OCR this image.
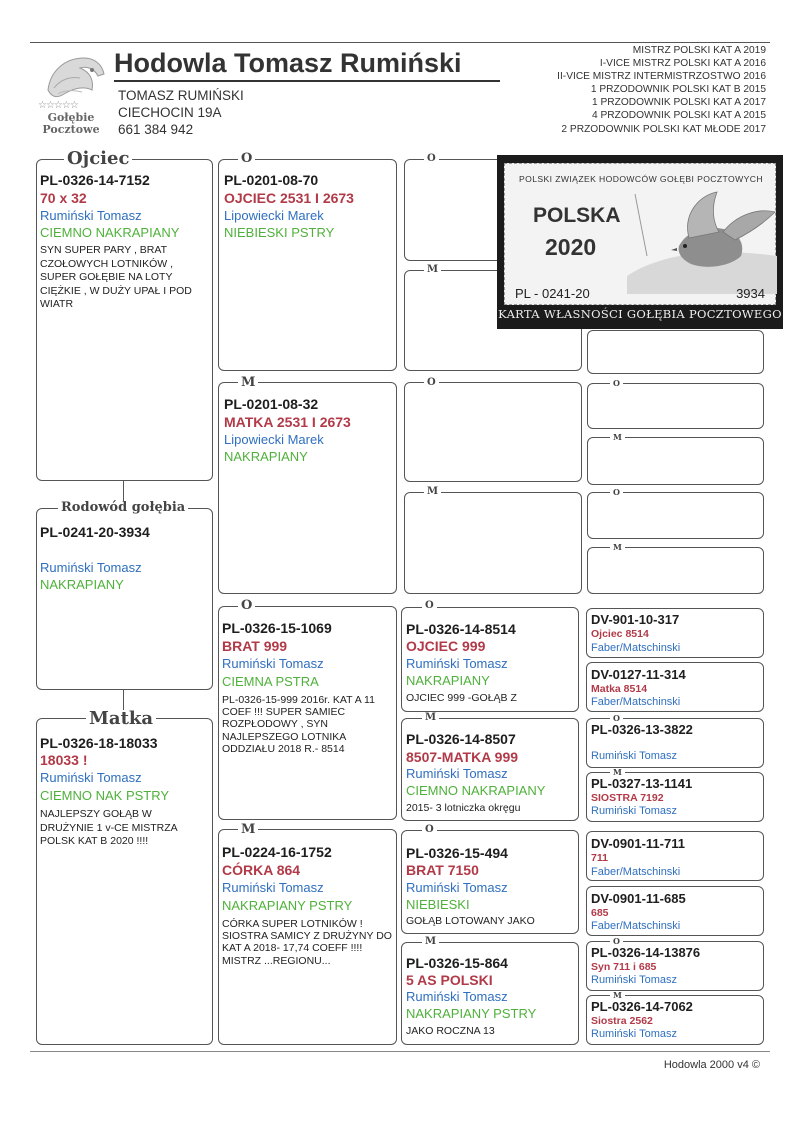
☆☆☆☆☆
Gołębie Pocztowe
Hodowla Tomasz Rumiński
TOMASZ RUMIŃSKI
CIECHOCIN 19A
661 384 942
MISTRZ POLSKI KAT A 2019
I-VICE MISTRZ POLSKI KAT A 2016
II-VICE MISTRZ INTERMISTRZOSTWO 2016
1 PRZODOWNIK POLSKI KAT B 2015
1 PRZODOWNIK POLSKI KAT A 2017
4 PRZODOWNIK POLSKI KAT A 2015
2 PRZODOWNIK POLSKI KAT MŁODE 2017
Ojciec
PL-0326-14-7152
70 x 32
Rumiński Tomasz
CIEMNO NAKRAPIANY
SYN SUPER PARY , BRAT CZOŁOWYCH LOTNIKÓW , SUPER GOŁĘBIE NA LOTY CIĘŻKIE , W DUŻY UPAŁ I POD WIATR
Rodowód gołębia
PL-0241-20-3934
Rumiński Tomasz
NAKRAPIANY
Matka
PL-0326-18-18033
18033 !
Rumiński Tomasz
CIEMNO NAK PSTRY
NAJLEPSZY GOŁĄB W DRUŻYNIE 1 v-CE MISTRZA POLSK KAT B 2020 !!!!
O
PL-0201-08-70
OJCIEC 2531 I 2673
Lipowiecki Marek
NIEBIESKI PSTRY
M
PL-0201-08-32
MATKA 2531 I 2673
Lipowiecki Marek
NAKRAPIANY
O
PL-0326-15-1069
BRAT 999
Rumiński Tomasz
CIEMNA PSTRA
PL-0326-15-999 2016r. KAT A 11 COEF !!! SUPER SAMIEC ROZPŁODOWY , SYN NAJLEPSZEGO LOTNIKA ODDZIAŁU 2018 R.- 8514
M
PL-0224-16-1752
CÓRKA 864
Rumiński Tomasz
NAKRAPIANY PSTRY
CÓRKA SUPER LOTNIKÓW ! SIOSTRA SAMICY Z DRUŻYNY DO KAT A 2018- 17,74 COEFF !!!! MISTRZ ...REGIONU...
O
M
O
M
O
PL-0326-14-8514
OJCIEC 999
Rumiński Tomasz
NAKRAPIANY
OJCIEC 999 -GOŁĄB Z
M
PL-0326-14-8507
8507-MATKA 999
Rumiński Tomasz
CIEMNO NAKRAPIANY
2015- 3 lotniczka okręgu
O
PL-0326-15-494
BRAT 7150
Rumiński Tomasz
NIEBIESKI
GOŁĄB LOTOWANY JAKO
M
PL-0326-15-864
5 AS POLSKI
Rumiński Tomasz
NAKRAPIANY PSTRY
JAKO ROCZNA 13
O
M
O
M
DV-901-10-317
Ojciec 8514
Faber/Matschinski
DV-0127-11-314
Matka 8514
Faber/Matschinski
O
PL-0326-13-3822
Rumiński Tomasz
M
PL-0327-13-1141
SIOSTRA 7192
Rumiński Tomasz
DV-0901-11-711
711
Faber/Matschinski
DV-0901-11-685
685
Faber/Matschinski
O
PL-0326-14-13876
Syn 711 i 685
Rumiński Tomasz
M
PL-0326-14-7062
Siostra 2562
Rumiński Tomasz
POLSKI ZWIĄZEK HODOWCÓW GOŁĘBI POCZTOWYCH
POLSKA
2020
PL - 0241-20	3934
KARTA WŁASNOŚCI GOŁĘBIA POCZTOWEGO
Hodowla 2000 v4 ©
